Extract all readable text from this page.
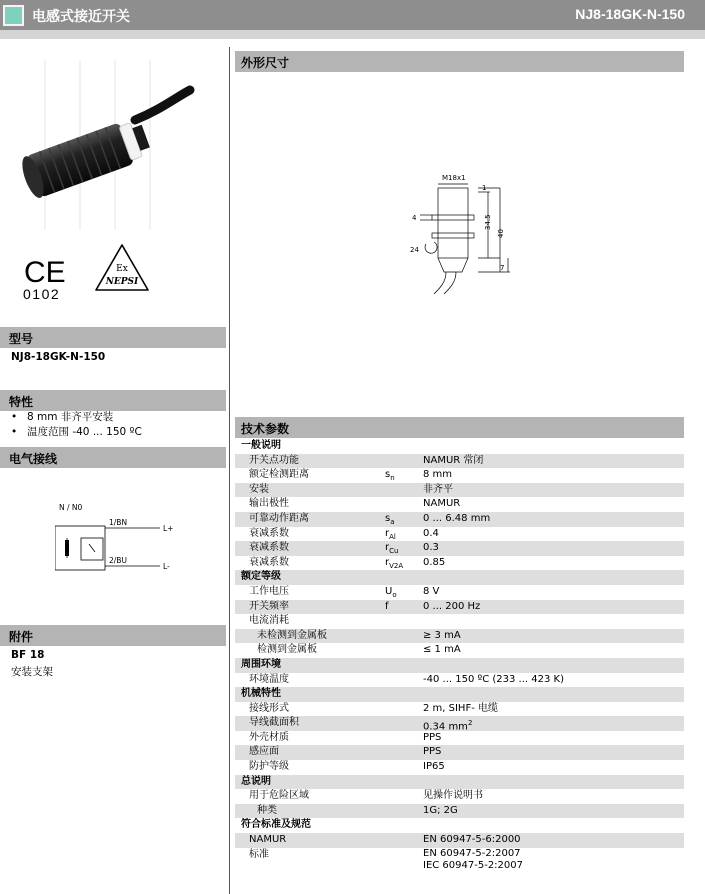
电感式接近开关	NJ8-18GK-N-150
CE
0102
Ex
NEPSI
型号
NJ8-18GK-N-150
特性
• 8 mm 非齐平安装
• 温度范围 -40 ... 150 ºC
电气接线
N / N0
1/BN
2/BU
L+
L-
附件
BF 18
安装支架
外形尺寸
M18x1
1
4
24
34.5
40
7
技术参数
一般说明
开关点功能	NAMUR 常闭
额定检测距离	$s_n$	8 mm
安装	非齐平
输出极性	NAMUR
可靠动作距离	$s_a$	0 ... 6.48 mm
衰减系数	$r_{Al}$	0.4
衰减系数	$r_{Cu}$ 0.3
衰减系数	$r_{V2A}$ 0.85
额定等级
工作电压	$U_o$	8 V
开关频率	f	0 ... 200 Hz
电流消耗
未检测到金属板	≥ 3 mA
检测到金属板	≤ 1 mA
周围环境
环境温度	-40 ... 150 ºC (233 ... 423 K)
机械特性
接线形式	2 m, SIHF- 电缆
导线截面积	0.34 $mm^2$
外壳材质	PPS
感应面	PPS
防护等级	IP65
总说明
用于危险区域	见操作说明书
种类	1G; 2G
符合标准及规范
NAMUR	EN 60947-5-6:2000
标准	EN 60947-5-2:2007
IEC 60947-5-2:2007
